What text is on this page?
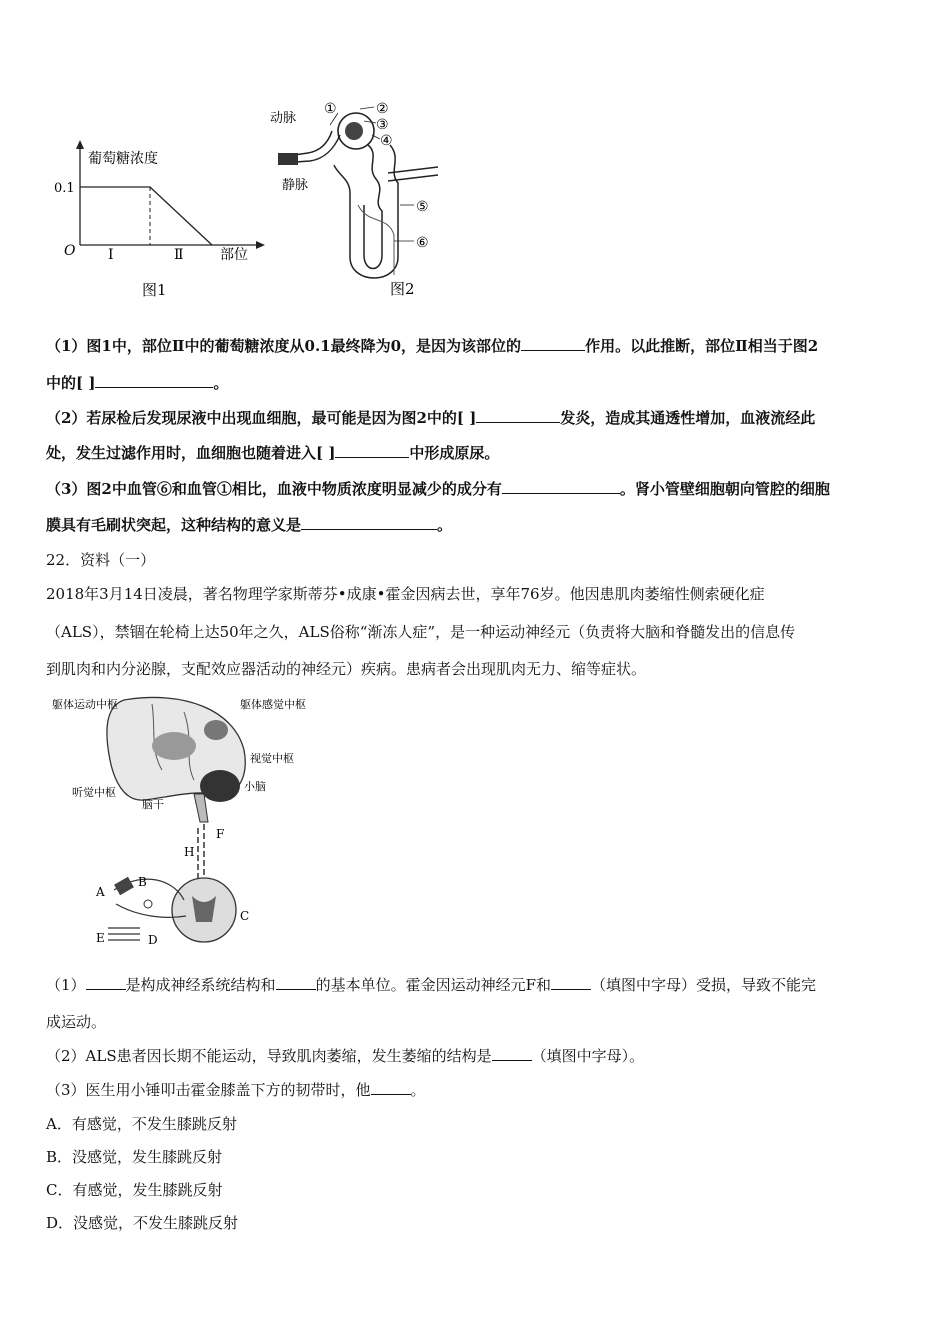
葡萄糖浓度
0.1
O Ⅰ	Ⅱ	部位
图1
动脉
静脉
①	②
③
④
⑤
⑥
图2
（1）图1中，部位Ⅱ中的葡萄糖浓度从0.1最终降为0，是因为该部位的	作用。以此推断，部位Ⅱ相当于图2
中的[ ]	。
（2）若尿检后发现尿液中出现血细胞，最可能是因为图2中的[ ]	发炎，造成其通透性增加，血液流经此
处，发生过滤作用时，血细胞也随着进入[ ]	中形成原尿。
（3）图2中血管⑥和血管①相比，血液中物质浓度明显减少的成分有	。肾小管壁细胞朝向管腔的细胞
膜具有毛刷状突起，这种结构的意义是	。
22．资料（一）
2018年3月14日凌晨，著名物理学家斯蒂芬•成康•霍金因病去世，享年76岁。他因患肌肉萎缩性侧索硬化症
（ALS），禁锢在轮椅上达50年之久，ALS俗称“渐冻人症”，是一种运动神经元（负责将大脑和脊髓发出的信息传
到肌肉和内分泌腺，支配效应器活动的神经元）疾病。患病者会出现肌肉无力、缩等症状。
躯体运动中枢	躯体感觉中枢
视觉中枢
小脑
听觉中枢
脑干
F
H
A
B
C
D
E
（1）	是构成神经系统结构和	的基本单位。霍金因运动神经元F和	（填图中字母）受损，导致不能完
成运动。
（2）ALS患者因长期不能运动，导致肌肉萎缩，发生萎缩的结构是	（填图中字母）。
（3）医生用小锤叩击霍金膝盖下方的韧带时，他	。
A．有感觉，不发生膝跳反射
B．没感觉，发生膝跳反射
C．有感觉，发生膝跳反射
D．没感觉，不发生膝跳反射
